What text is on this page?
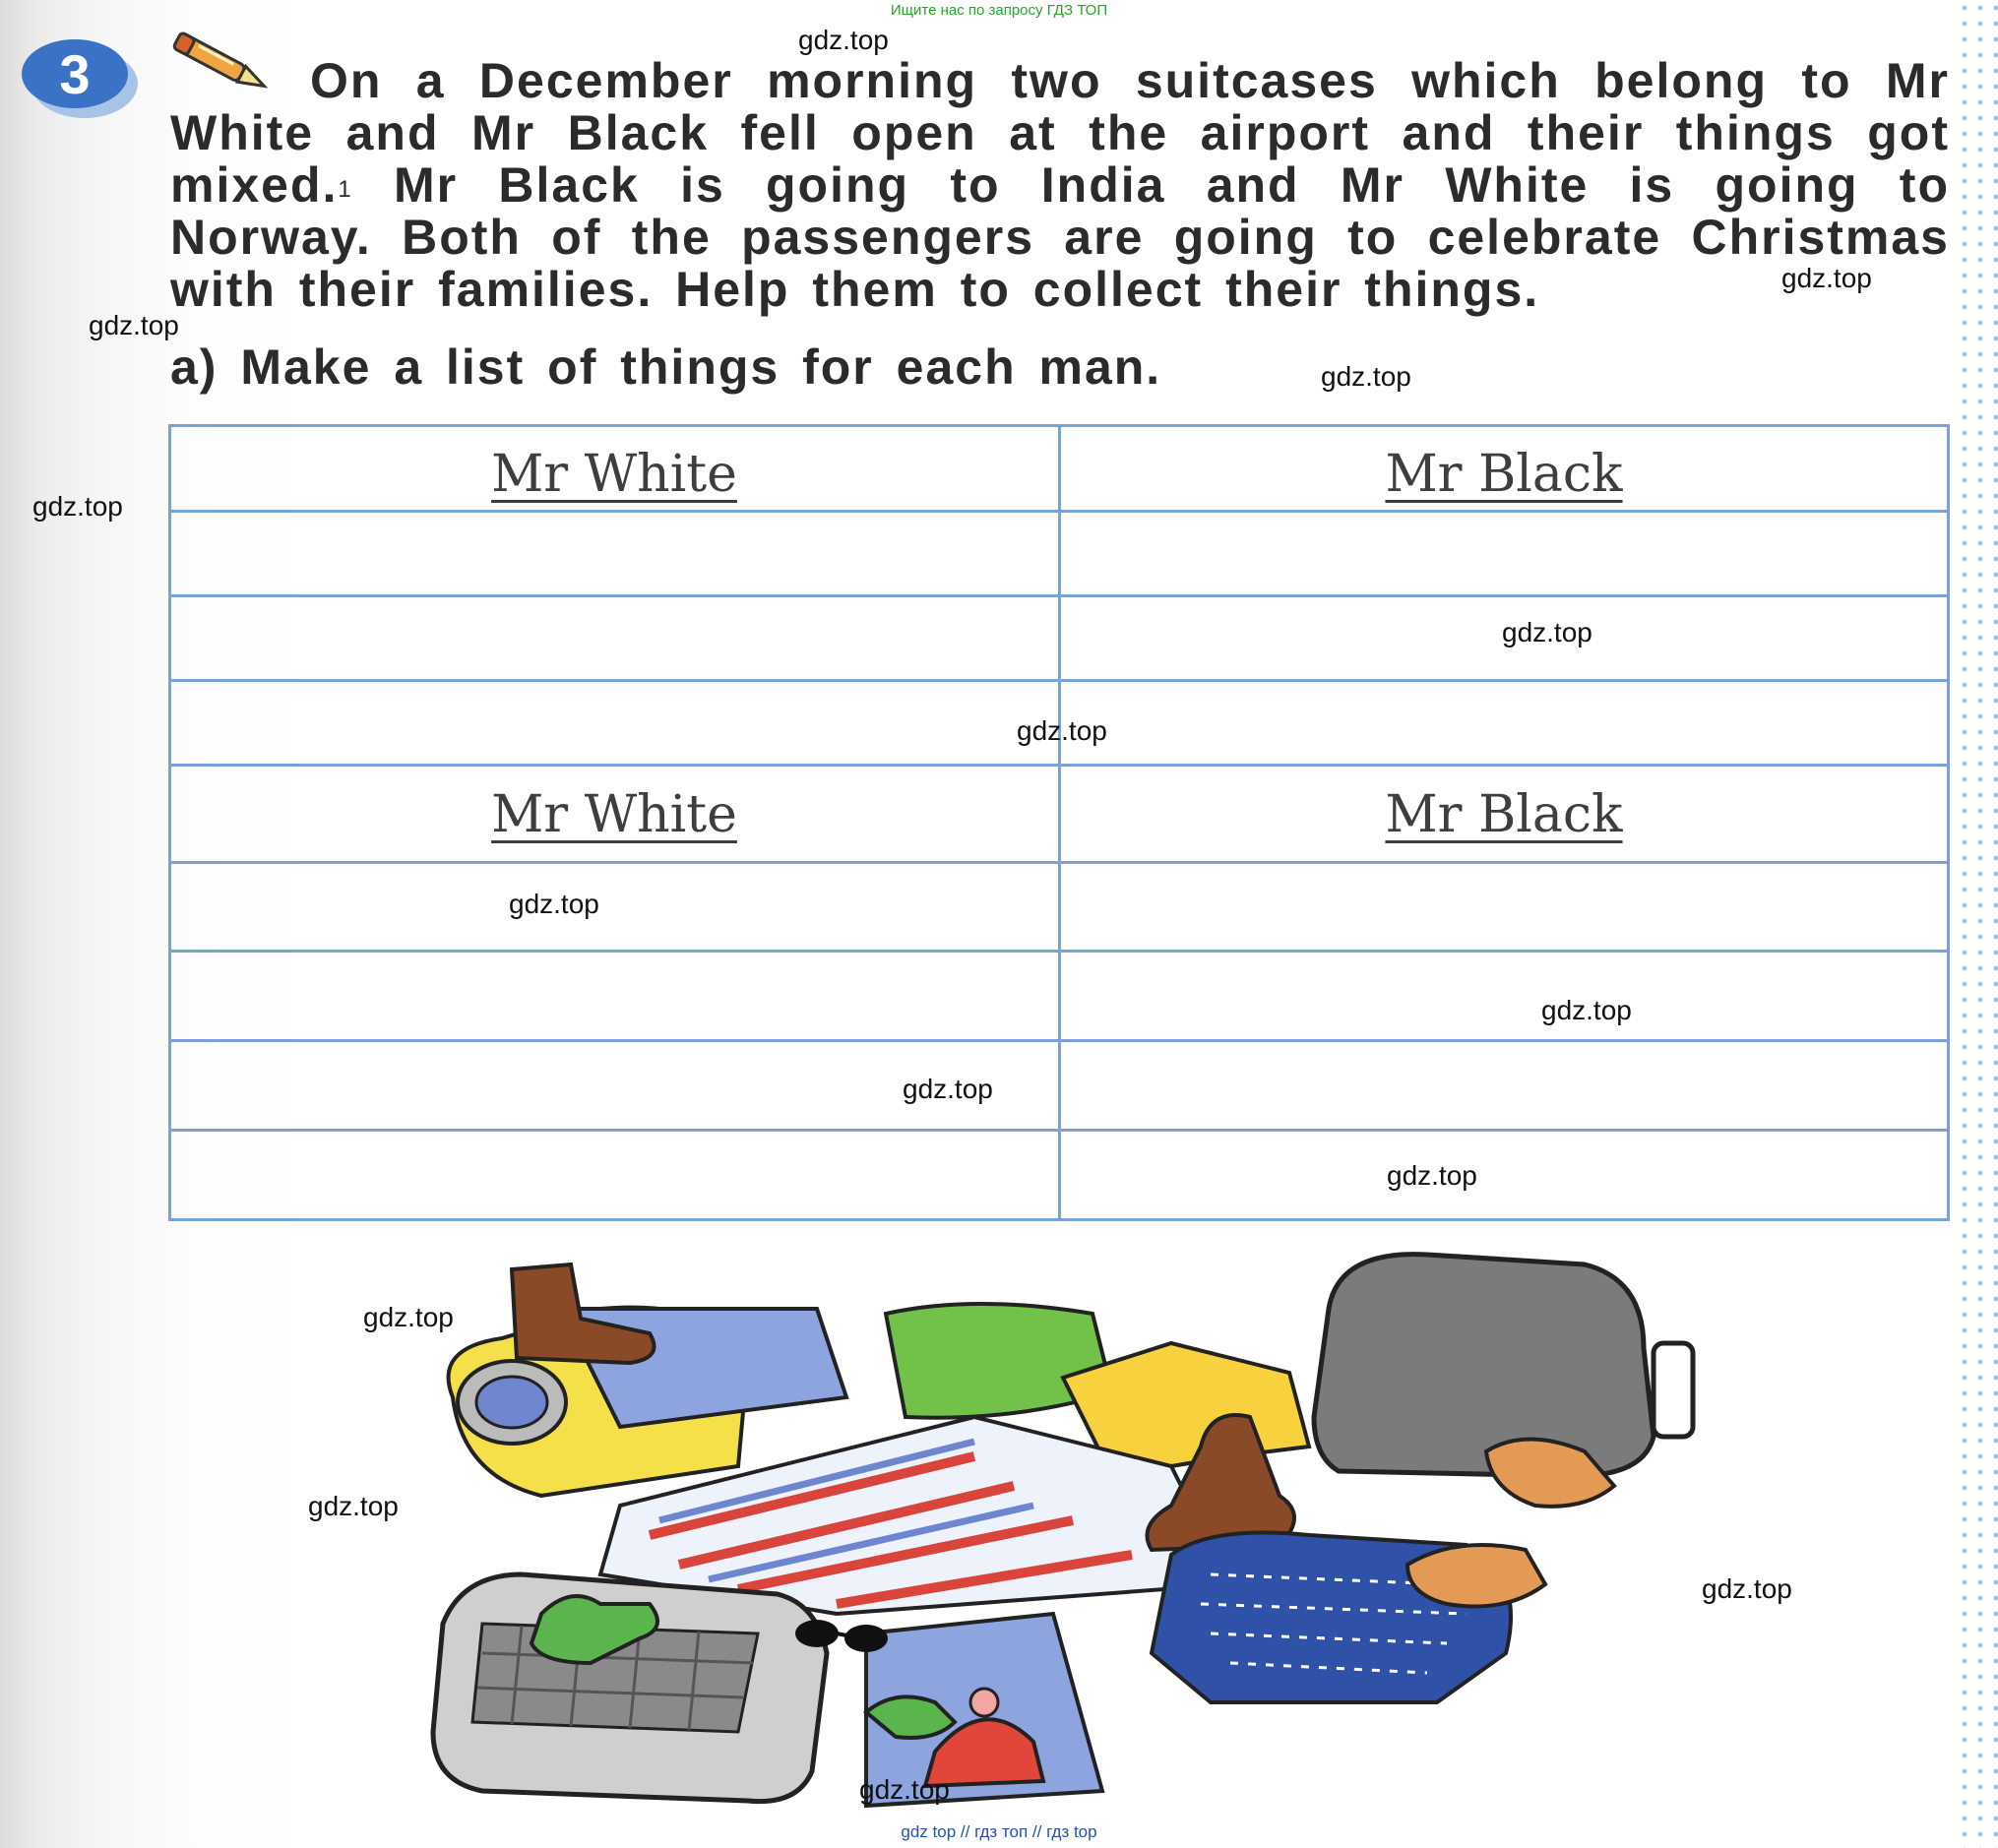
Ищите нас по запросу ГДЗ ТОП
3	On a December morning two suitcases which belong to Mr White and Mr Black fell open at the airport and their things got mixed.$^1$ Mr Black is going to India and Mr White is going to Norway. Both of the passengers are going to celebrate Christmas with their families. Help them to collect their things.

a) Make a list of things for each man.

Mr White	Mr Black
Mr White	Mr Black
gdz.top
gdz.top
gdz.top
gdz.top
gdz.top
gdz.top
gdz.top
gdz.top
gdz.top
gdz.top
gdz.top
gdz.top
gdz.top
gdz.top
gdz.top
gdz top // гдз топ // гдз top
